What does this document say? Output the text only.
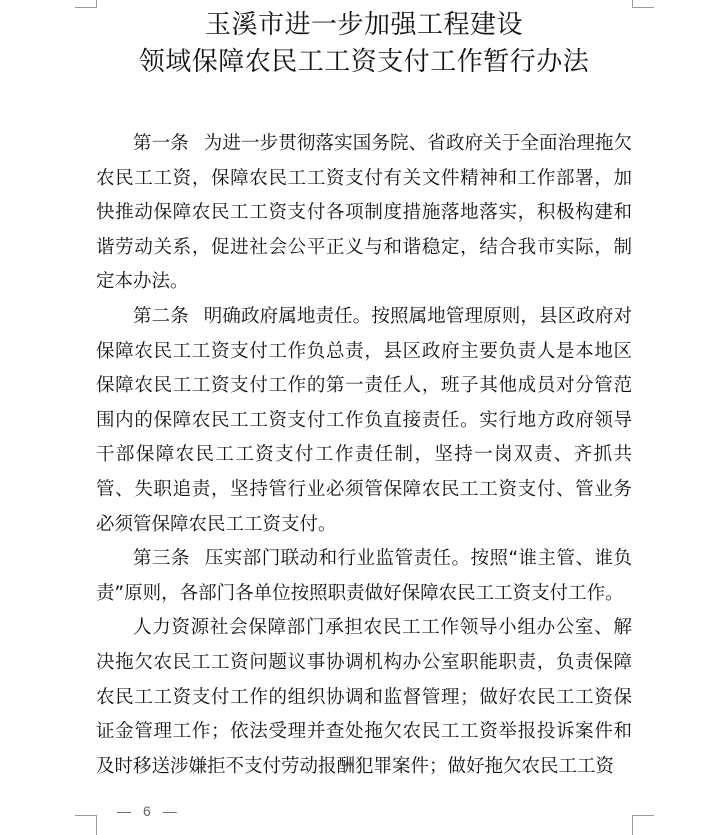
玉溪市进一步加强工程建设
领域保障农民工工资支付工作暂行办法

第一条 为进一步贯彻落实国务院、省政府关于全面治理拖欠农民工工资，保障农民工工资支付有关文件精神和工作部署，加快推动保障农民工工资支付各项制度措施落地落实，积极构建和谐劳动关系，促进社会公平正义与和谐稳定，结合我市实际，制定本办法。

第二条 明确政府属地责任。按照属地管理原则，县区政府对保障农民工工资支付工作负总责，县区政府主要负责人是本地区保障农民工工资支付工作的第一责任人，班子其他成员对分管范围内的保障农民工工资支付工作负直接责任。实行地方政府领导干部保障农民工工资支付工作责任制，坚持一岗双责、齐抓共管、失职追责，坚持管行业必须管保障农民工工资支付、管业务必须管保障农民工工资支付。

第三条 压实部门联动和行业监管责任。按照“谁主管、谁负责”原则，各部门各单位按照职责做好保障农民工工资支付工作。

人力资源社会保障部门承担农民工工作领导小组办公室、解决拖欠农民工工资问题议事协调机构办公室职能职责，负责保障农民工工资支付工作的组织协调和监督管理；做好农民工工资保证金管理工作；依法受理并查处拖欠农民工工资举报投诉案件和及时移送涉嫌拒不支付劳动报酬犯罪案件；做好拖欠农民工工资

— 6 —
